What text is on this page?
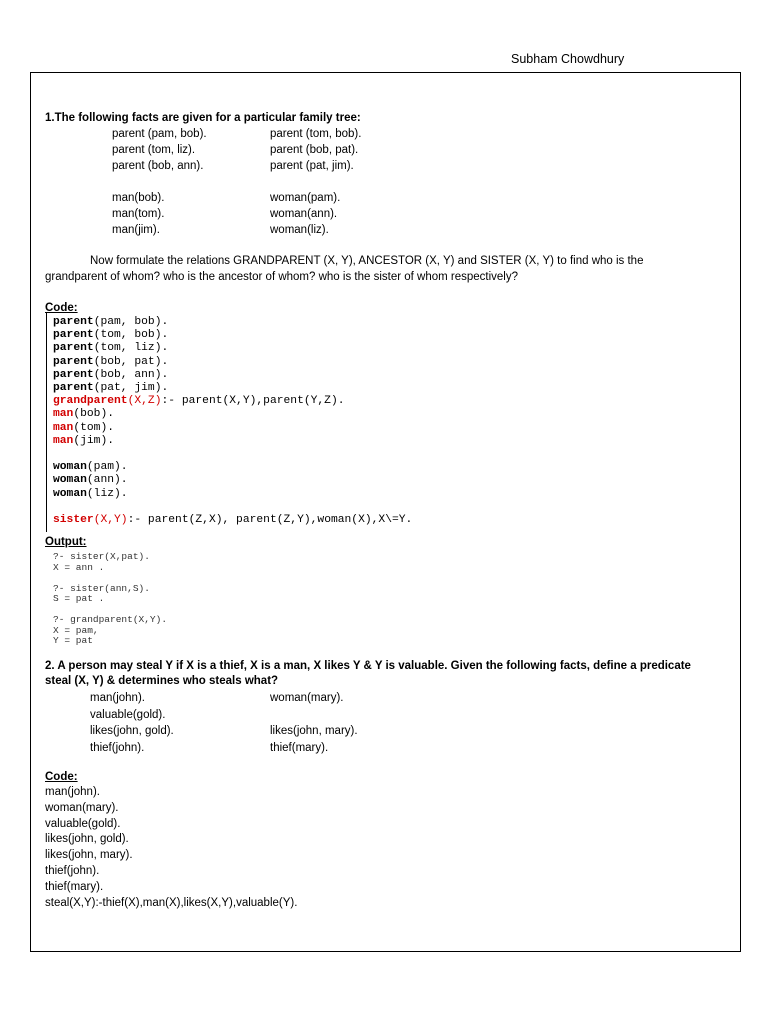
Subham Chowdhury
1.The following facts are given for a particular family tree:
parent (pam, bob).
parent (tom, liz).
parent (bob, ann).

man(bob).
man(tom).
man(jim).
parent (tom, bob).
parent (bob, pat).
parent (pat, jim).

woman(pam).
woman(ann).
woman(liz).
Now formulate the relations GRANDPARENT (X, Y), ANCESTOR (X, Y) and SISTER (X, Y) to find who is the
grandparent of whom? who is the ancestor of whom? who is the sister of whom respectively?
Code:
parent(pam, bob).
parent(tom, bob).
parent(tom, liz).
parent(bob, pat).
parent(bob, ann).
parent(pat, jim).
grandparent(X,Z):- parent(X,Y),parent(Y,Z).
man(bob).
man(tom).
man(jim).

woman(pam).
woman(ann).
woman(liz).

sister(X,Y):- parent(Z,X), parent(Z,Y),woman(X),X\=Y.
Output:
?- sister(X,pat).
X = ann .

?- sister(ann,S).
S = pat .

?- grandparent(X,Y).
X = pam,
Y = pat
2. A person may steal Y if X is a thief, X is a man, X likes Y & Y is valuable. Given the following facts, define a predicate
steal (X, Y) & determines who steals what?
man(john).
valuable(gold).
likes(john, gold).
thief(john).
woman(mary).

likes(john, mary).
thief(mary).
Code:
man(john).
woman(mary).
valuable(gold).
likes(john, gold).
likes(john, mary).
thief(john).
thief(mary).
steal(X,Y):-thief(X),man(X),likes(X,Y),valuable(Y).
